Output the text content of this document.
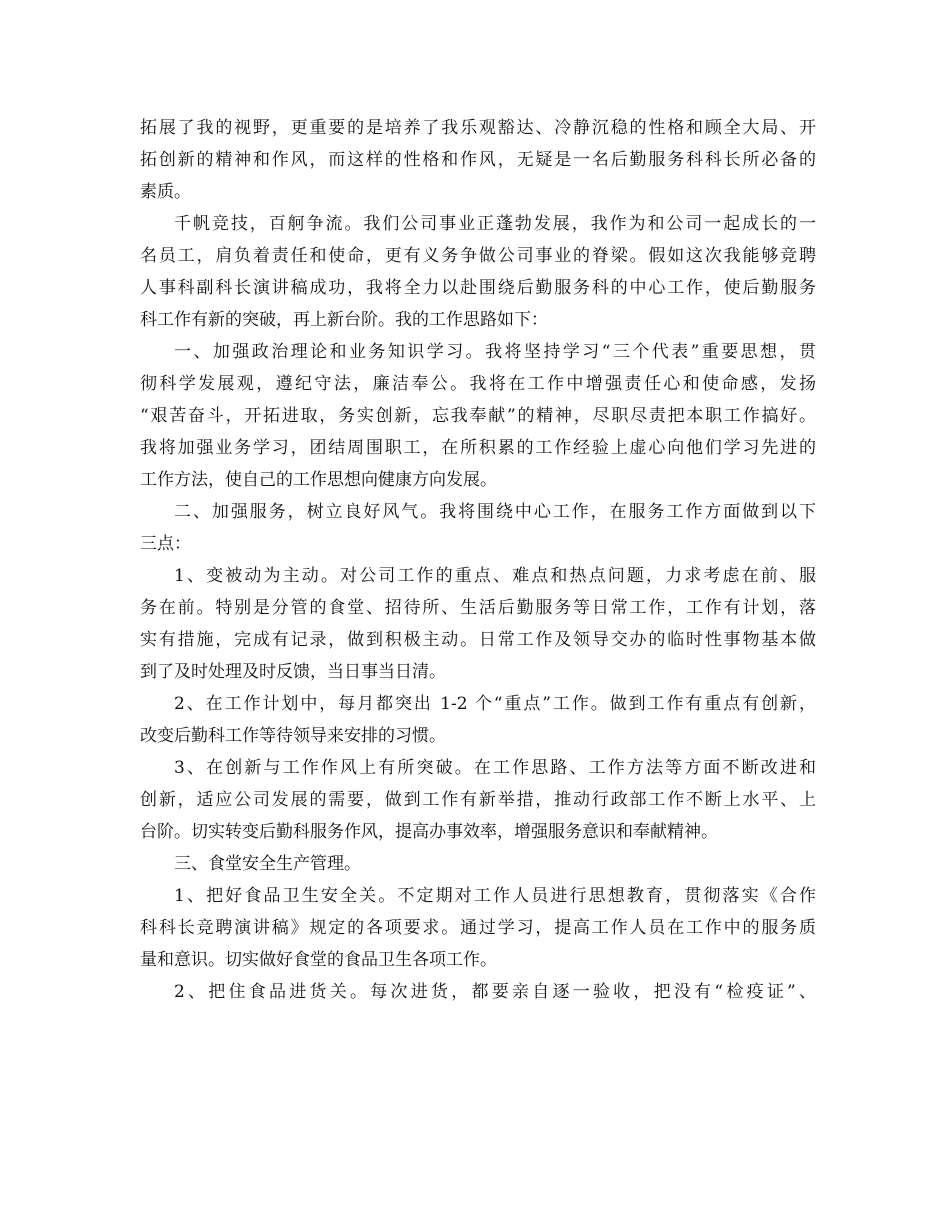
拓展了我的视野，更重要的是培养了我乐观豁达、冷静沉稳的性格和顾全大局、开
拓创新的精神和作风，而这样的性格和作风，无疑是一名后勤服务科科长所必备的
素质。
千帆竞技，百舸争流。我们公司事业正蓬勃发展，我作为和公司一起成长的一
名员工，肩负着责任和使命，更有义务争做公司事业的脊梁。假如这次我能够竞聘
人事科副科长演讲稿成功，我将全力以赴围绕后勤服务科的中心工作，使后勤服务
科工作有新的突破，再上新台阶。我的工作思路如下：
一、加强政治理论和业务知识学习。我将坚持学习“三个代表”重要思想，贯
彻科学发展观，遵纪守法，廉洁奉公。我将在工作中增强责任心和使命感，发扬
“艰苦奋斗，开拓进取，务实创新，忘我奉献”的精神，尽职尽责把本职工作搞好。
我将加强业务学习，团结周围职工，在所积累的工作经验上虚心向他们学习先进的
工作方法，使自己的工作思想向健康方向发展。
二、加强服务，树立良好风气。我将围绕中心工作，在服务工作方面做到以下
三点：
1、变被动为主动。对公司工作的重点、难点和热点问题，力求考虑在前、服
务在前。特别是分管的食堂、招待所、生活后勤服务等日常工作，工作有计划，落
实有措施，完成有记录，做到积极主动。日常工作及领导交办的临时性事物基本做
到了及时处理及时反馈，当日事当日清。
2、在工作计划中，每月都突出 1-2 个“重点”工作。做到工作有重点有创新，
改变后勤科工作等待领导来安排的习惯。
3、在创新与工作作风上有所突破。在工作思路、工作方法等方面不断改进和
创新，适应公司发展的需要，做到工作有新举措，推动行政部工作不断上水平、上
台阶。切实转变后勤科服务作风，提高办事效率，增强服务意识和奉献精神。
三、食堂安全生产管理。
1、把好食品卫生安全关。不定期对工作人员进行思想教育，贯彻落实《合作
科科长竞聘演讲稿》规定的各项要求。通过学习，提高工作人员在工作中的服务质
量和意识。切实做好食堂的食品卫生各项工作。
2、把住食品进货关。每次进货，都要亲自逐一验收，把没有“检疫证”、
